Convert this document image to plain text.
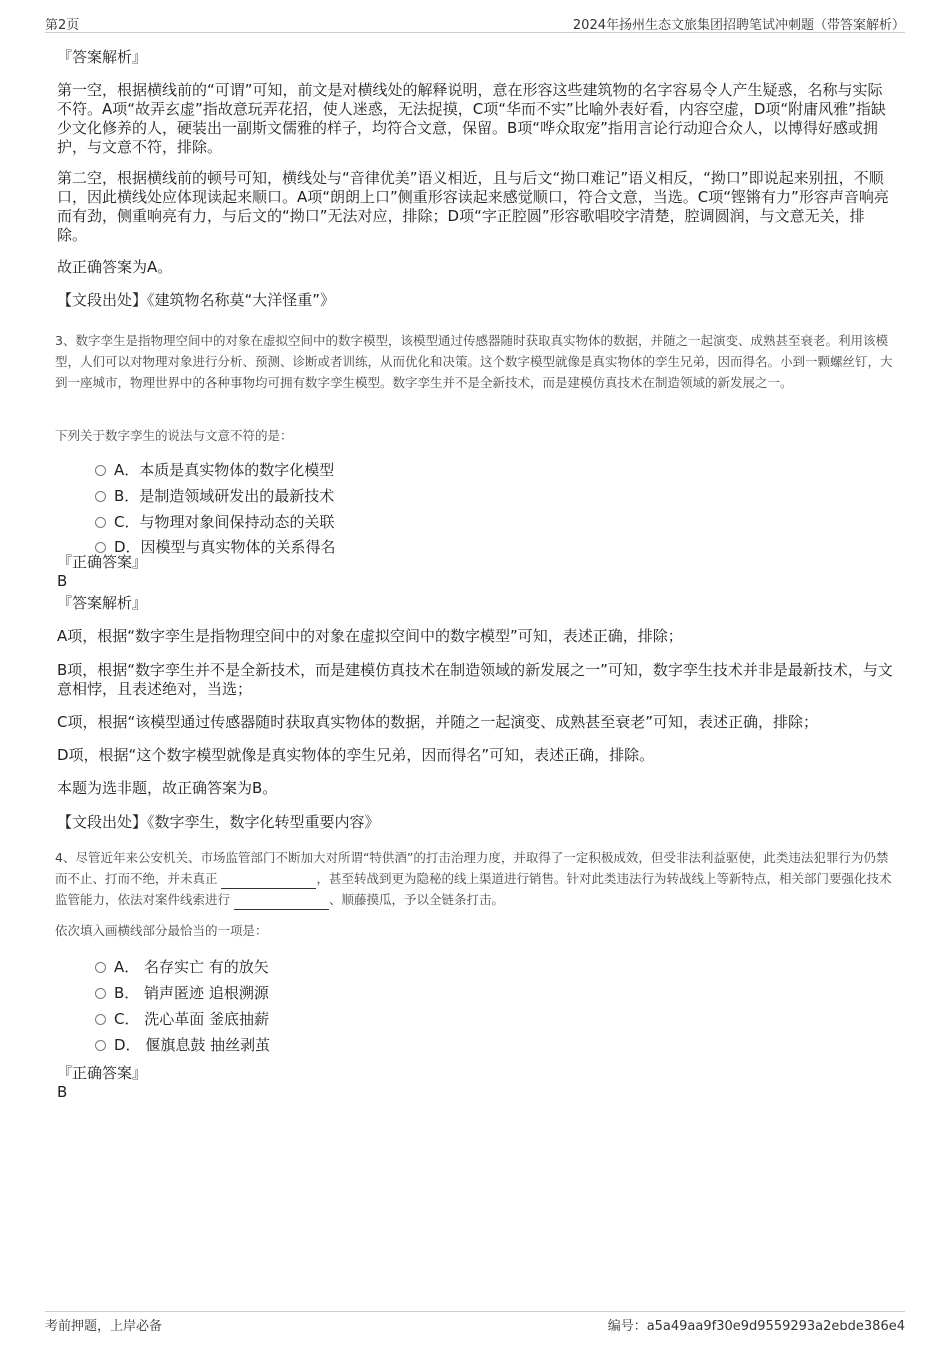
第2页	2024年扬州生态文旅集团招聘笔试冲刺题（带答案解析）
『答案解析』
第一空，根据横线前的“可谓”可知，前文是对横线处的解释说明，意在形容这些建筑物的名字容易令人产生疑惑，名称与实际不符。A项“故弄玄虚”指故意玩弄花招，使人迷惑，无法捉摸，C项“华而不实”比喻外表好看，内容空虚，D项“附庸风雅”指缺少文化修养的人，硬装出一副斯文儒雅的样子，均符合文意，保留。B项“哗众取宠”指用言论行动迎合众人，以博得好感或拥护，与文意不符，排除。
第二空，根据横线前的顿号可知，横线处与“音律优美”语义相近，且与后文“拗口难记”语义相反，“拗口”即说起来别扭，不顺口，因此横线处应体现读起来顺口。A项“朗朗上口”侧重形容读起来感觉顺口，符合文意，当选。C项“铿锵有力”形容声音响亮而有劲，侧重响亮有力，与后文的“拗口”无法对应，排除；D项“字正腔圆”形容歌唱咬字清楚，腔调圆润，与文意无关，排除。
故正确答案为A。
【文段出处】《建筑物名称莫“大洋怪重”》
3、数字孪生是指物理空间中的对象在虚拟空间中的数字模型，该模型通过传感器随时获取真实物体的数据，并随之一起演变、成熟甚至衰老。利用该模型，人们可以对物理对象进行分析、预测、诊断或者训练，从而优化和决策。这个数字模型就像是真实物体的孪生兄弟，因而得名。小到一颗螺丝钉，大到一座城市，物理世界中的各种事物均可拥有数字孪生模型。数字孪生并不是全新技术，而是建模仿真技术在制造领域的新发展之一。
下列关于数字孪生的说法与文意不符的是：
A．本质是真实物体的数字化模型
B．是制造领域研发出的最新技术
C．与物理对象间保持动态的关联
D．因模型与真实物体的关系得名
『正确答案』
B
『答案解析』
A项，根据“数字孪生是指物理空间中的对象在虚拟空间中的数字模型”可知，表述正确，排除；
B项，根据“数字孪生并不是全新技术，而是建模仿真技术在制造领域的新发展之一”可知，数字孪生技术并非是最新技术，与文意相悖，且表述绝对，当选；
C项，根据“该模型通过传感器随时获取真实物体的数据，并随之一起演变、成熟甚至衰老”可知，表述正确，排除；
D项，根据“这个数字模型就像是真实物体的孪生兄弟，因而得名”可知，表述正确，排除。
本题为选非题，故正确答案为B。
【文段出处】《数字孪生，数字化转型重要内容》
4、尽管近年来公安机关、市场监管部门不断加大对所谓“特供酒”的打击治理力度，并取得了一定积极成效，但受非法利益驱使，此类违法犯罪行为仍禁而不止、打而不绝，并未真正	，甚至转战到更为隐秘的线上渠道进行销售。针对此类违法行为转战线上等新特点，相关部门要强化技术监管能力，依法对案件线索进行	、顺藤摸瓜，予以全链条打击。
依次填入画横线部分最恰当的一项是：
A． 名存实亡 有的放矢
B． 销声匿迹 追根溯源
C． 洗心革面 釜底抽薪
D． 偃旗息鼓 抽丝剥茧
『正确答案』
B
考前押题，上岸必备	编号：a5a49aa9f30e9d9559293a2ebde386e4
